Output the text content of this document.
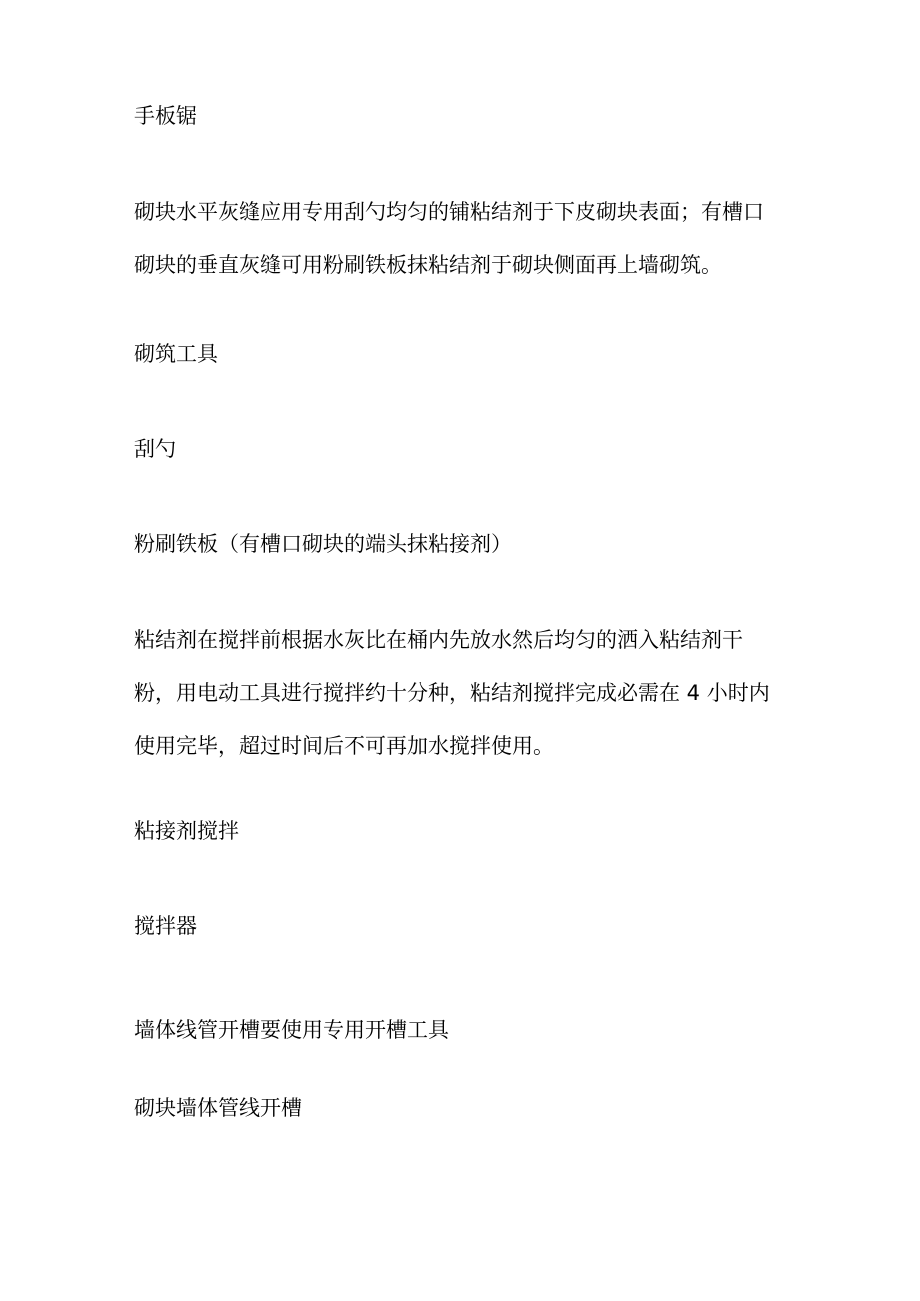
手板锯
砌块水平灰缝应用专用刮勺均匀的铺粘结剂于下皮砌块表面；有槽口
砌块的垂直灰缝可用粉刷铁板抹粘结剂于砌块侧面再上墙砌筑。
砌筑工具
刮勺
粉刷铁板（有槽口砌块的端头抹粘接剂）
粘结剂在搅拌前根据水灰比在桶内先放水然后均匀的洒入粘结剂干
粉，用电动工具进行搅拌约十分种，粘结剂搅拌完成必需在 4 小时内
使用完毕，超过时间后不可再加水搅拌使用。
粘接剂搅拌
搅拌器
墙体线管开槽要使用专用开槽工具
砌块墙体管线开槽
